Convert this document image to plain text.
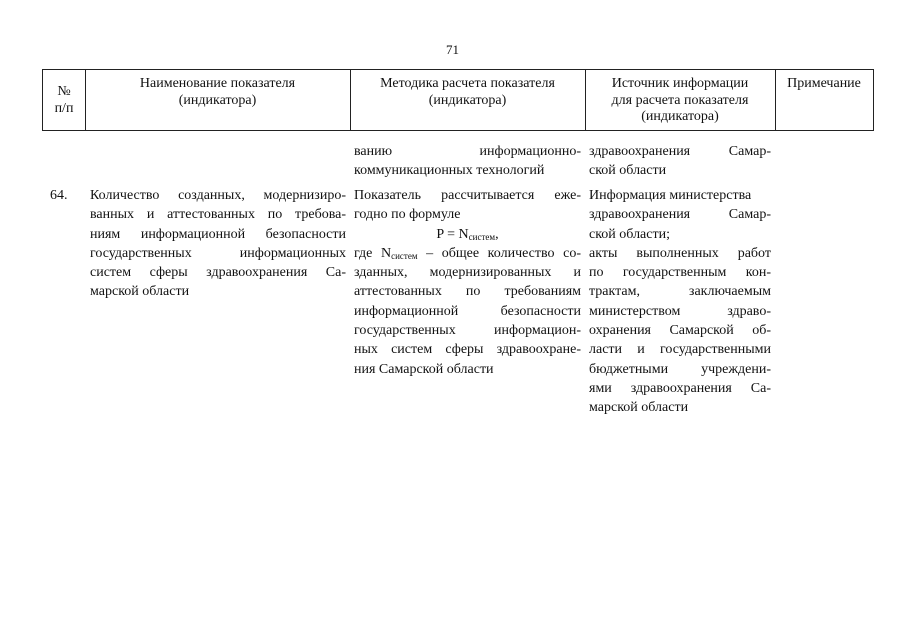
71
№
п/п
Наименование показателя
(индикатора)
Методика расчета показателя
(индикатора)
Источник информации
для расчета показателя
(индикатора)
Примечание
ванию информационно-
коммуникационных технологий
здравоохранения Самар-
ской области
64.	Количество созданных, модернизиро-
ванных и аттестованных по требова-
ниям информационной безопасности
государственных информационных
систем сферы здравоохранения Са-
марской области
Показатель рассчитывается еже-
годно по формуле
$P = N_{систем}$,
где $N_{систем}$ – общее количество со-
зданных, модернизированных и
аттестованных по требованиям
информационной безопасности
государственных информацион-
ных систем сферы здравоохране-
ния Самарской области
Информация министерства
здравоохранения Самар-
ской области;
акты выполненных работ
по государственным кон-
трактам, заключаемым
министерством здраво-
охранения Самарской об-
ласти и государственными
бюджетными учреждени-
ями здравоохранения Са-
марской области
